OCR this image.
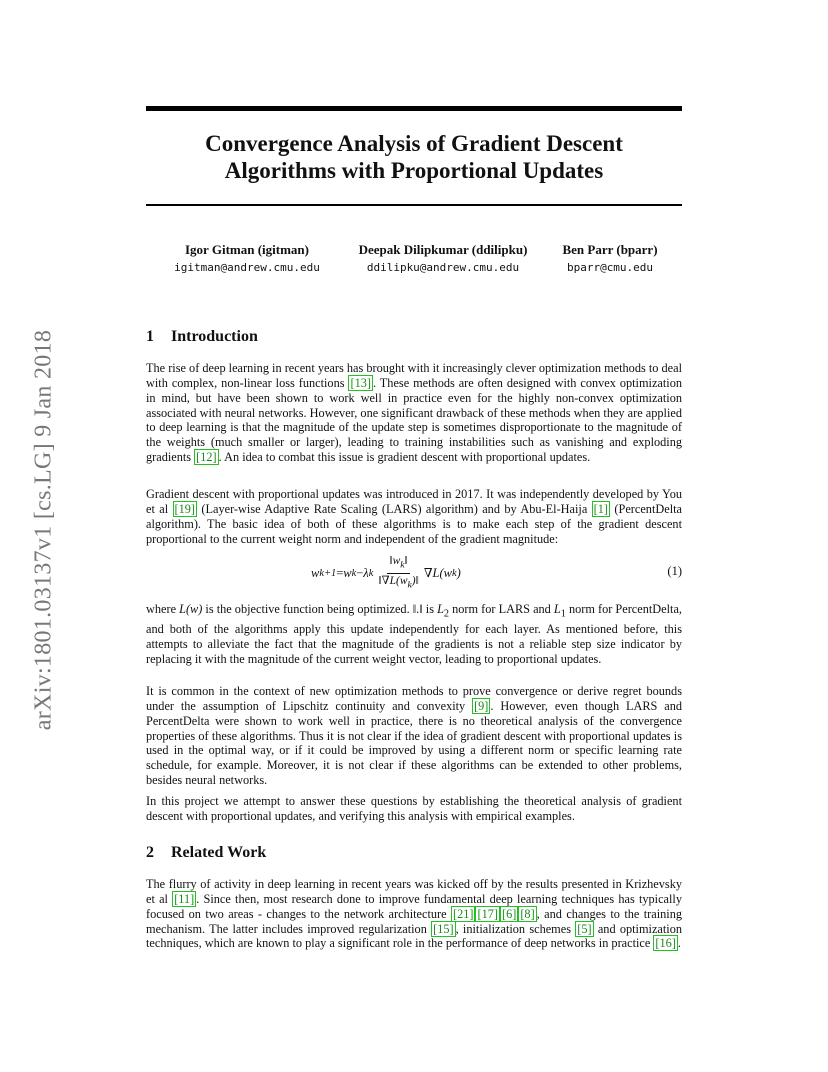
arXiv:1801.03137v1 [cs.LG] 9 Jan 2018
Convergence Analysis of Gradient Descent
Algorithms with Proportional Updates
Igor Gitman (igitman)
igitman@andrew.cmu.edu
Deepak Dilipkumar (ddilipku)
ddilipku@andrew.cmu.edu
Ben Parr (bparr)
bparr@cmu.edu
1 Introduction

The rise of deep learning in recent years has brought with it increasingly clever optimization methods to deal with complex, non-linear loss functions [13] . These methods are often designed with convex optimization in mind, but have been shown to work well in practice even for the highly non-convex optimization associated with neural networks. However, one significant drawback of these methods when they are applied to deep learning is that the magnitude of the update step is sometimes disproportionate to the magnitude of the weights (much smaller or larger), leading to training instabilities such as vanishing and exploding gradients [12] . An idea to combat this issue is gradient descent with proportional updates.

Gradient descent with proportional updates was introduced in 2017. It was independently developed by You et al [19] (Layer-wise Adaptive Rate Scaling (LARS) algorithm) and by Abu-El-Haija [1] (PercentDelta algorithm). The basic idea of both of these algorithms is to make each step of the gradient descent proportional to the current weight norm and independent of the gradient magnitude:

w k+1 = w k − λ k $\frac{‖w_k‖}{‖\nabla L(w_k)‖} \nabla L(w$ k )	(1)

where L(w) is the objective function being optimized. ‖.‖ is $L_2$ norm for LARS and $L_1$ norm for PercentDelta, and both of the algorithms apply this update independently for each layer. As mentioned before, this attempts to alleviate the fact that the magnitude of the gradients is not a reliable step size indicator by replacing it with the magnitude of the current weight vector, leading to proportional updates.

It is common in the context of new optimization methods to prove convergence or derive regret bounds under the assumption of Lipschitz continuity and convexity [9] . However, even though LARS and PercentDelta were shown to work well in practice, there is no theoretical analysis of the convergence properties of these algorithms. Thus it is not clear if the idea of gradient descent with proportional updates is used in the optimal way, or if it could be improved by using a different norm or specific learning rate schedule, for example. Moreover, it is not clear if these algorithms can be extended to other problems, besides neural networks.

In this project we attempt to answer these questions by establishing the theoretical analysis of gradient descent with proportional updates, and verifying this analysis with empirical examples.

2 Related Work

The flurry of activity in deep learning in recent years was kicked off by the results presented in Krizhevsky et al [11] . Since then, most research done to improve fundamental deep learning techniques has typically focused on two areas - changes to the network architecture [21] [17] [6] [8] , and changes to the training mechanism. The latter includes improved regularization [15] , initialization schemes [5] and optimization techniques, which are known to play a significant role in the performance of deep networks in practice [16] .
